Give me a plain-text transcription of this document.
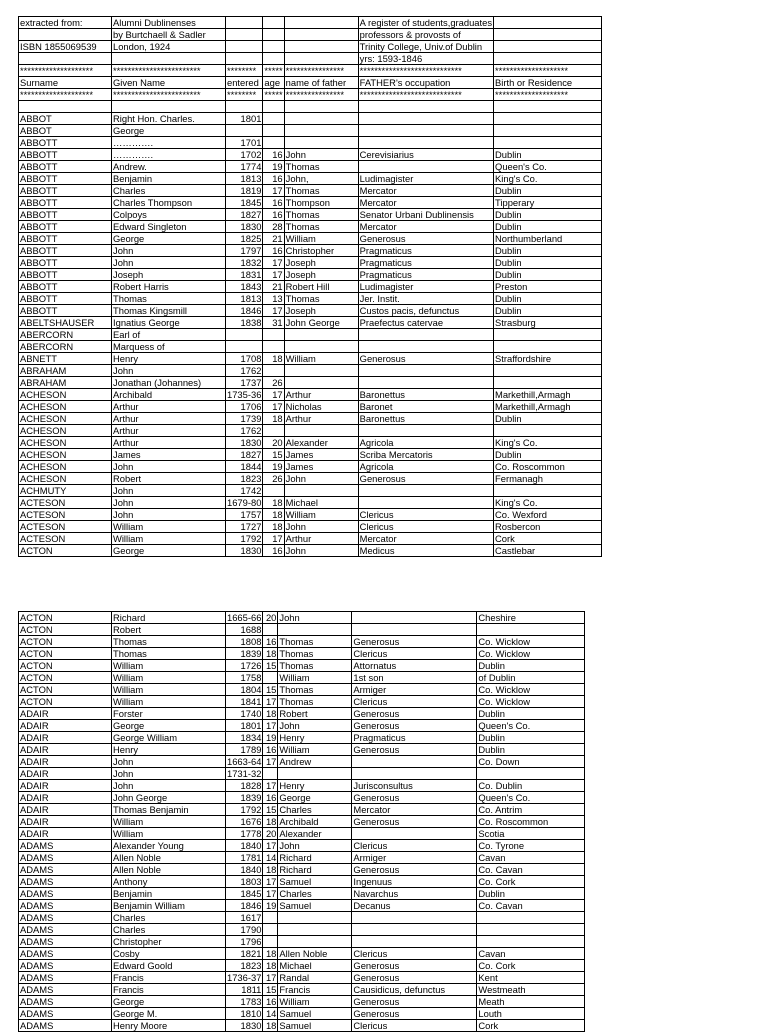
extracted from:	Alumni Dublinenses				A register of students,graduates	
	by Burtchaell & Sadler				professors & provosts of	
ISBN 1855069539	London, 1924				Trinity College, Univ.of Dublin	
					yrs: 1593-1846	
********************	************************	********	*****	****************	****************************	********************
Surname	Given Name	entered	age	name of father	FATHER's occupation	Birth or Residence
********************	************************	********	*****	****************	****************************	********************

ABBOT	Right Hon. Charles.	1801				
ABBOT	George					
ABBOTT	………….	1701				
ABBOTT	………….	1702	16	John	Cerevisiarius	Dublin
ABBOTT	Andrew.	1774	19	Thomas		Queen's Co.
ABBOTT	Benjamin	1813	16	John,	Ludimagister	King's Co.
ABBOTT	Charles	1819	17	Thomas	Mercator	Dublin
ABBOTT	Charles Thompson	1845	16	Thompson	Mercator	Tipperary
ABBOTT	Colpoys	1827	16	Thomas	Senator Urbani Dublinensis	Dublin
ABBOTT	Edward Singleton	1830	28	Thomas	Mercator	Dublin
ABBOTT	George	1825	21	William	Generosus	Northumberland
ABBOTT	John	1797	16	Christopher	Pragmaticus	Dublin
ABBOTT	John	1832	17	Joseph	Pragmaticus	Dublin
ABBOTT	Joseph	1831	17	Joseph	Pragmaticus	Dublin
ABBOTT	Robert Harris	1843	21	Robert Hill	Ludimagister	Preston
ABBOTT	Thomas	1813	13	Thomas	Jer. Instit.	Dublin
ABBOTT	Thomas Kingsmill	1846	17	Joseph	Custos pacis, defunctus	Dublin
ABELTSHAUSER	Ignatius George	1838	31	John George	Praefectus catervae	Strasburg
ABERCORN	Earl of					
ABERCORN	Marquess of					
ABNETT	Henry	1708	18	William	Generosus	Straffordshire
ABRAHAM	John	1762				
ABRAHAM	Jonathan (Johannes)	1737	26			
ACHESON	Archibald	1735-36	17	Arthur	Baronettus	Markethill,Armagh
ACHESON	Arthur	1706	17	Nicholas	Baronet	Markethill,Armagh
ACHESON	Arthur	1739	18	Arthur	Baronettus	Dublin
ACHESON	Arthur	1762				
ACHESON	Arthur	1830	20	Alexander	Agricola	King's Co.
ACHESON	James	1827	15	James	Scriba Mercatoris	Dublin
ACHESON	John	1844	19	James	Agricola	Co. Roscommon
ACHESON	Robert	1823	26	John	Generosus	Fermanagh
ACHMUTY	John	1742				
ACTESON	John	1679-80	18	Michael		King's Co.
ACTESON	John	1757	18	William	Clericus	Co. Wexford
ACTESON	William	1727	18	John	Clericus	Rosbercon
ACTESON	William	1792	17	Arthur	Mercator	Cork
ACTON	George	1830	16	John	Medicus	Castlebar
ACTON	Richard	1665-66	20	John		Cheshire
ACTON	Robert	1688				
ACTON	Thomas	1808	16	Thomas	Generosus	Co. Wicklow
ACTON	Thomas	1839	18	Thomas	Clericus	Co. Wicklow
ACTON	William	1726	15	Thomas	Attornatus	Dublin
ACTON	William	1758		William	1st son	of Dublin
ACTON	William	1804	15	Thomas	Armiger	Co. Wicklow
ACTON	William	1841	17	Thomas	Clericus	Co. Wicklow
ADAIR	Forster	1740	18	Robert	Generosus	Dublin
ADAIR	George	1801	17	John	Generosus	Queen's Co.
ADAIR	George William	1834	19	Henry	Pragmaticus	Dublin
ADAIR	Henry	1789	16	William	Generosus	Dublin
ADAIR	John	1663-64	17	Andrew		Co. Down
ADAIR	John	1731-32				
ADAIR	John	1828	17	Henry	Jurisconsultus	Co. Dublin
ADAIR	John George	1839	16	George	Generosus	Queen's Co.
ADAIR	Thomas Benjamin	1792	15	Charles	Mercator	Co. Antrim
ADAIR	William	1676	18	Archibald	Generosus	Co. Roscommon
ADAIR	William	1778	20	Alexander		Scotia
ADAMS	Alexander Young	1840	17	John	Clericus	Co. Tyrone
ADAMS	Allen Noble	1781	14	Richard	Armiger	Cavan
ADAMS	Allen Noble	1840	18	Richard	Generosus	Co. Cavan
ADAMS	Anthony	1803	17	Samuel	Ingenuus	Co. Cork
ADAMS	Benjamin	1845	17	Charles	Navarchus	Dublin
ADAMS	Benjamin William	1846	19	Samuel	Decanus	Co. Cavan
ADAMS	Charles	1617				
ADAMS	Charles	1790				
ADAMS	Christopher	1796				
ADAMS	Cosby	1821	18	Allen Noble	Clericus	Cavan
ADAMS	Edward Goold	1823	18	Michael	Generosus	Co. Cork
ADAMS	Francis	1736-37	17	Randal	Generosus	Kent
ADAMS	Francis	1811	15	Francis	Causidicus, defunctus	Westmeath
ADAMS	George	1783	16	William	Generosus	Meath
ADAMS	George M.	1810	14	Samuel	Generosus	Louth
ADAMS	Henry Moore	1830	18	Samuel	Clericus	Cork
